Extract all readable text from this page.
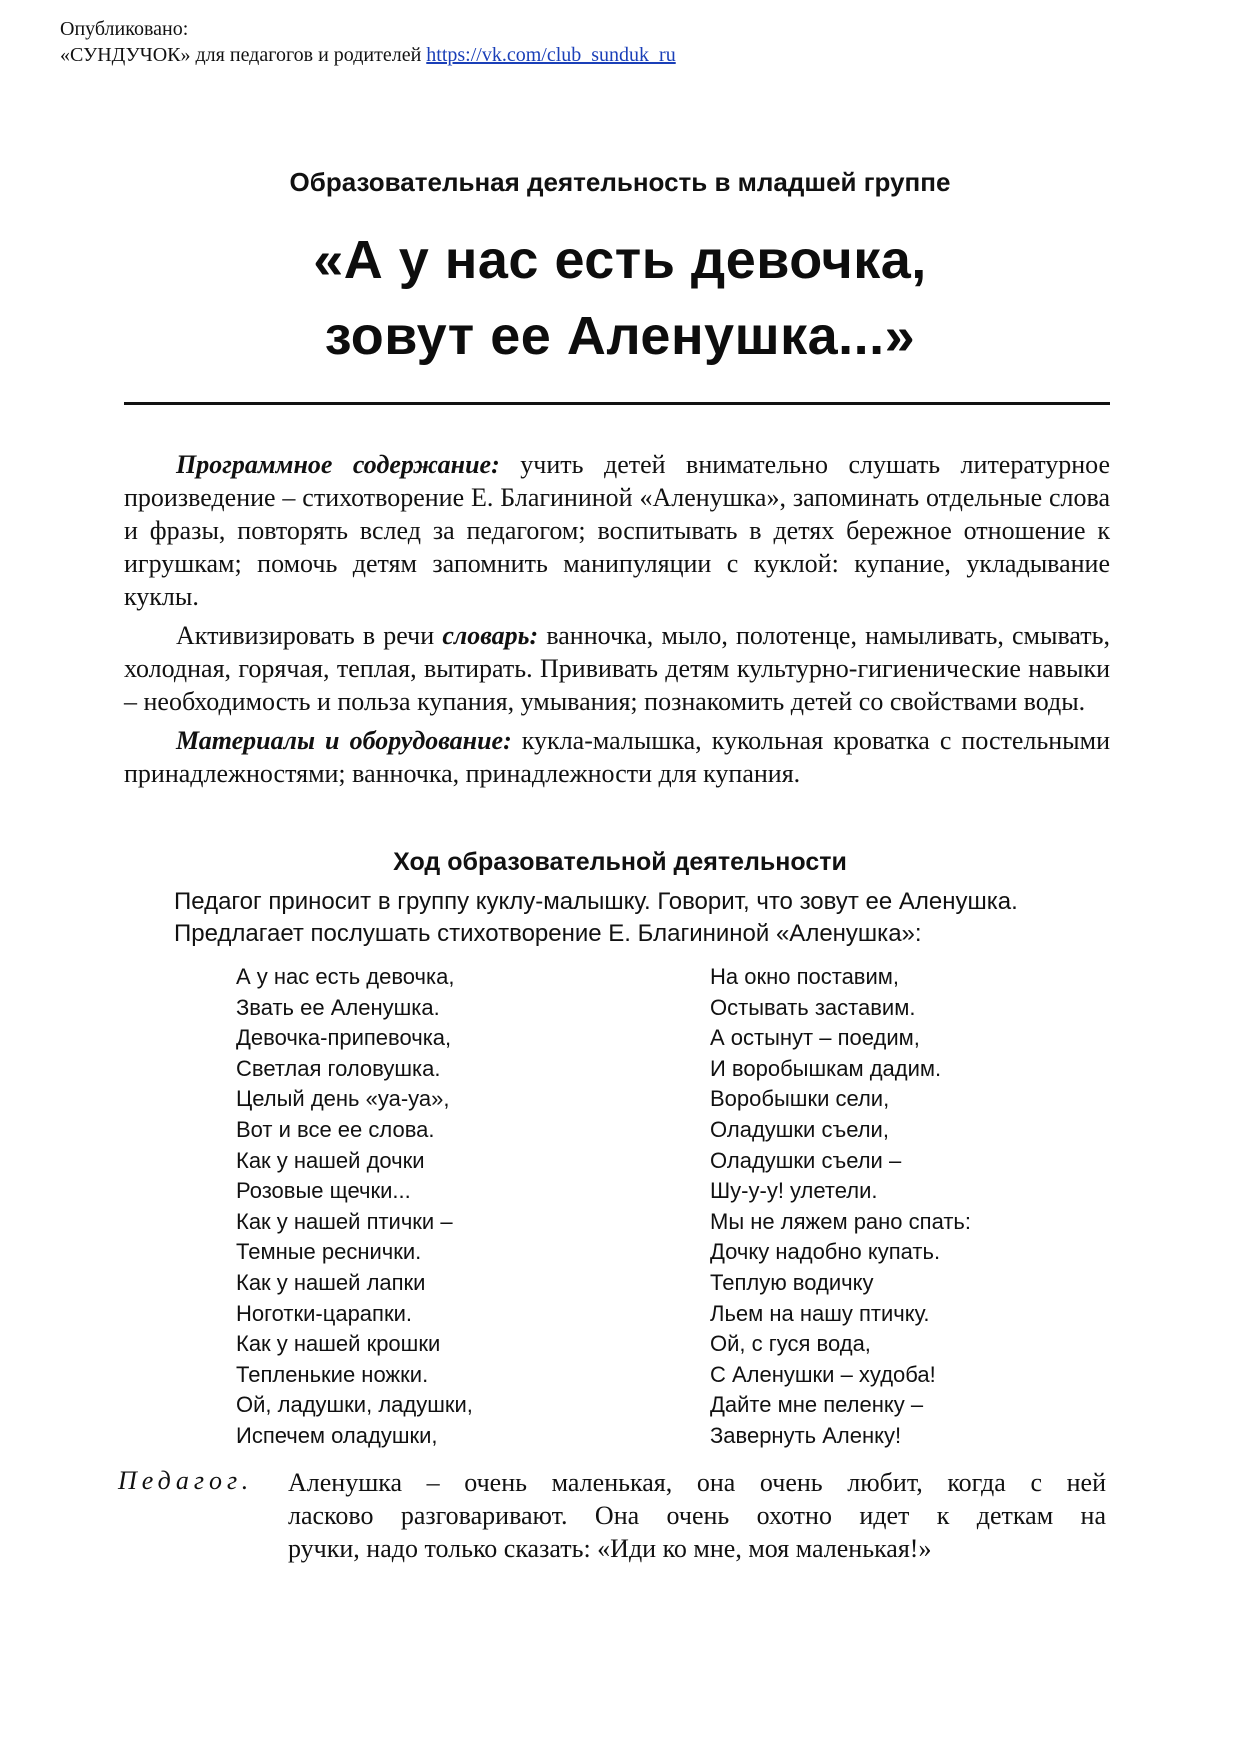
Опубликовано:
«СУНДУЧОК» для педагогов и родителей https://vk.com/club_sunduk_ru
Образовательная деятельность в младшей группе
«А у нас есть девочка,
зовут ее Аленушка...»

Программное содержание: учить детей внимательно слушать литературное произведение – стихотворение Е. Благининой «Аленушка», запоминать отдельные слова и фразы, повторять вслед за педагогом; воспитывать в детях бережное отношение к игрушкам; помочь детям запомнить манипуляции с куклой: купание, укладывание куклы.

Активизировать в речи словарь: ванночка, мыло, полотенце, намыливать, смывать, холодная, горячая, теплая, вытирать. Прививать детям культурно-гигиенические навыки – необходимость и польза купания, умывания; познакомить детей со свойствами воды.

Материалы и оборудование: кукла-малышка, кукольная кроватка с постельными принадлежностями; ванночка, принадлежности для купания.

Ход образовательной деятельности
Педагог приносит в группу куклу-малышку. Говорит, что зовут ее Аленушка.
Предлагает послушать стихотворение Е. Благининой «Аленушка»:
А у нас есть девочка,
Звать ее Аленушка.
Девочка-припевочка,
Светлая головушка.
Целый день «уа-уа»,
Вот и все ее слова.
Как у нашей дочки
Розовые щечки...
Как у нашей птички –
Темные реснички.
Как у нашей лапки
Ноготки-царапки.
Как у нашей крошки
Тепленькие ножки.
Ой, ладушки, ладушки,
Испечем оладушки,
На окно поставим,
Остывать заставим.
А остынут – поедим,
И воробышкам дадим.
Воробышки сели,
Оладушки съели,
Оладушки съели –
Шу-у-у! улетели.
Мы не ляжем рано спать:
Дочку надобно купать.
Теплую водичку
Льем на нашу птичку.
Ой, с гуся вода,
С Аленушки – худоба!
Дайте мне пеленку –
Завернуть Аленку!
Педагог. Аленушка – очень маленькая, она очень любит, когда с ней
ласково разговаривают. Она очень охотно идет к деткам на
ручки, надо только сказать: «Иди ко мне, моя маленькая!»
